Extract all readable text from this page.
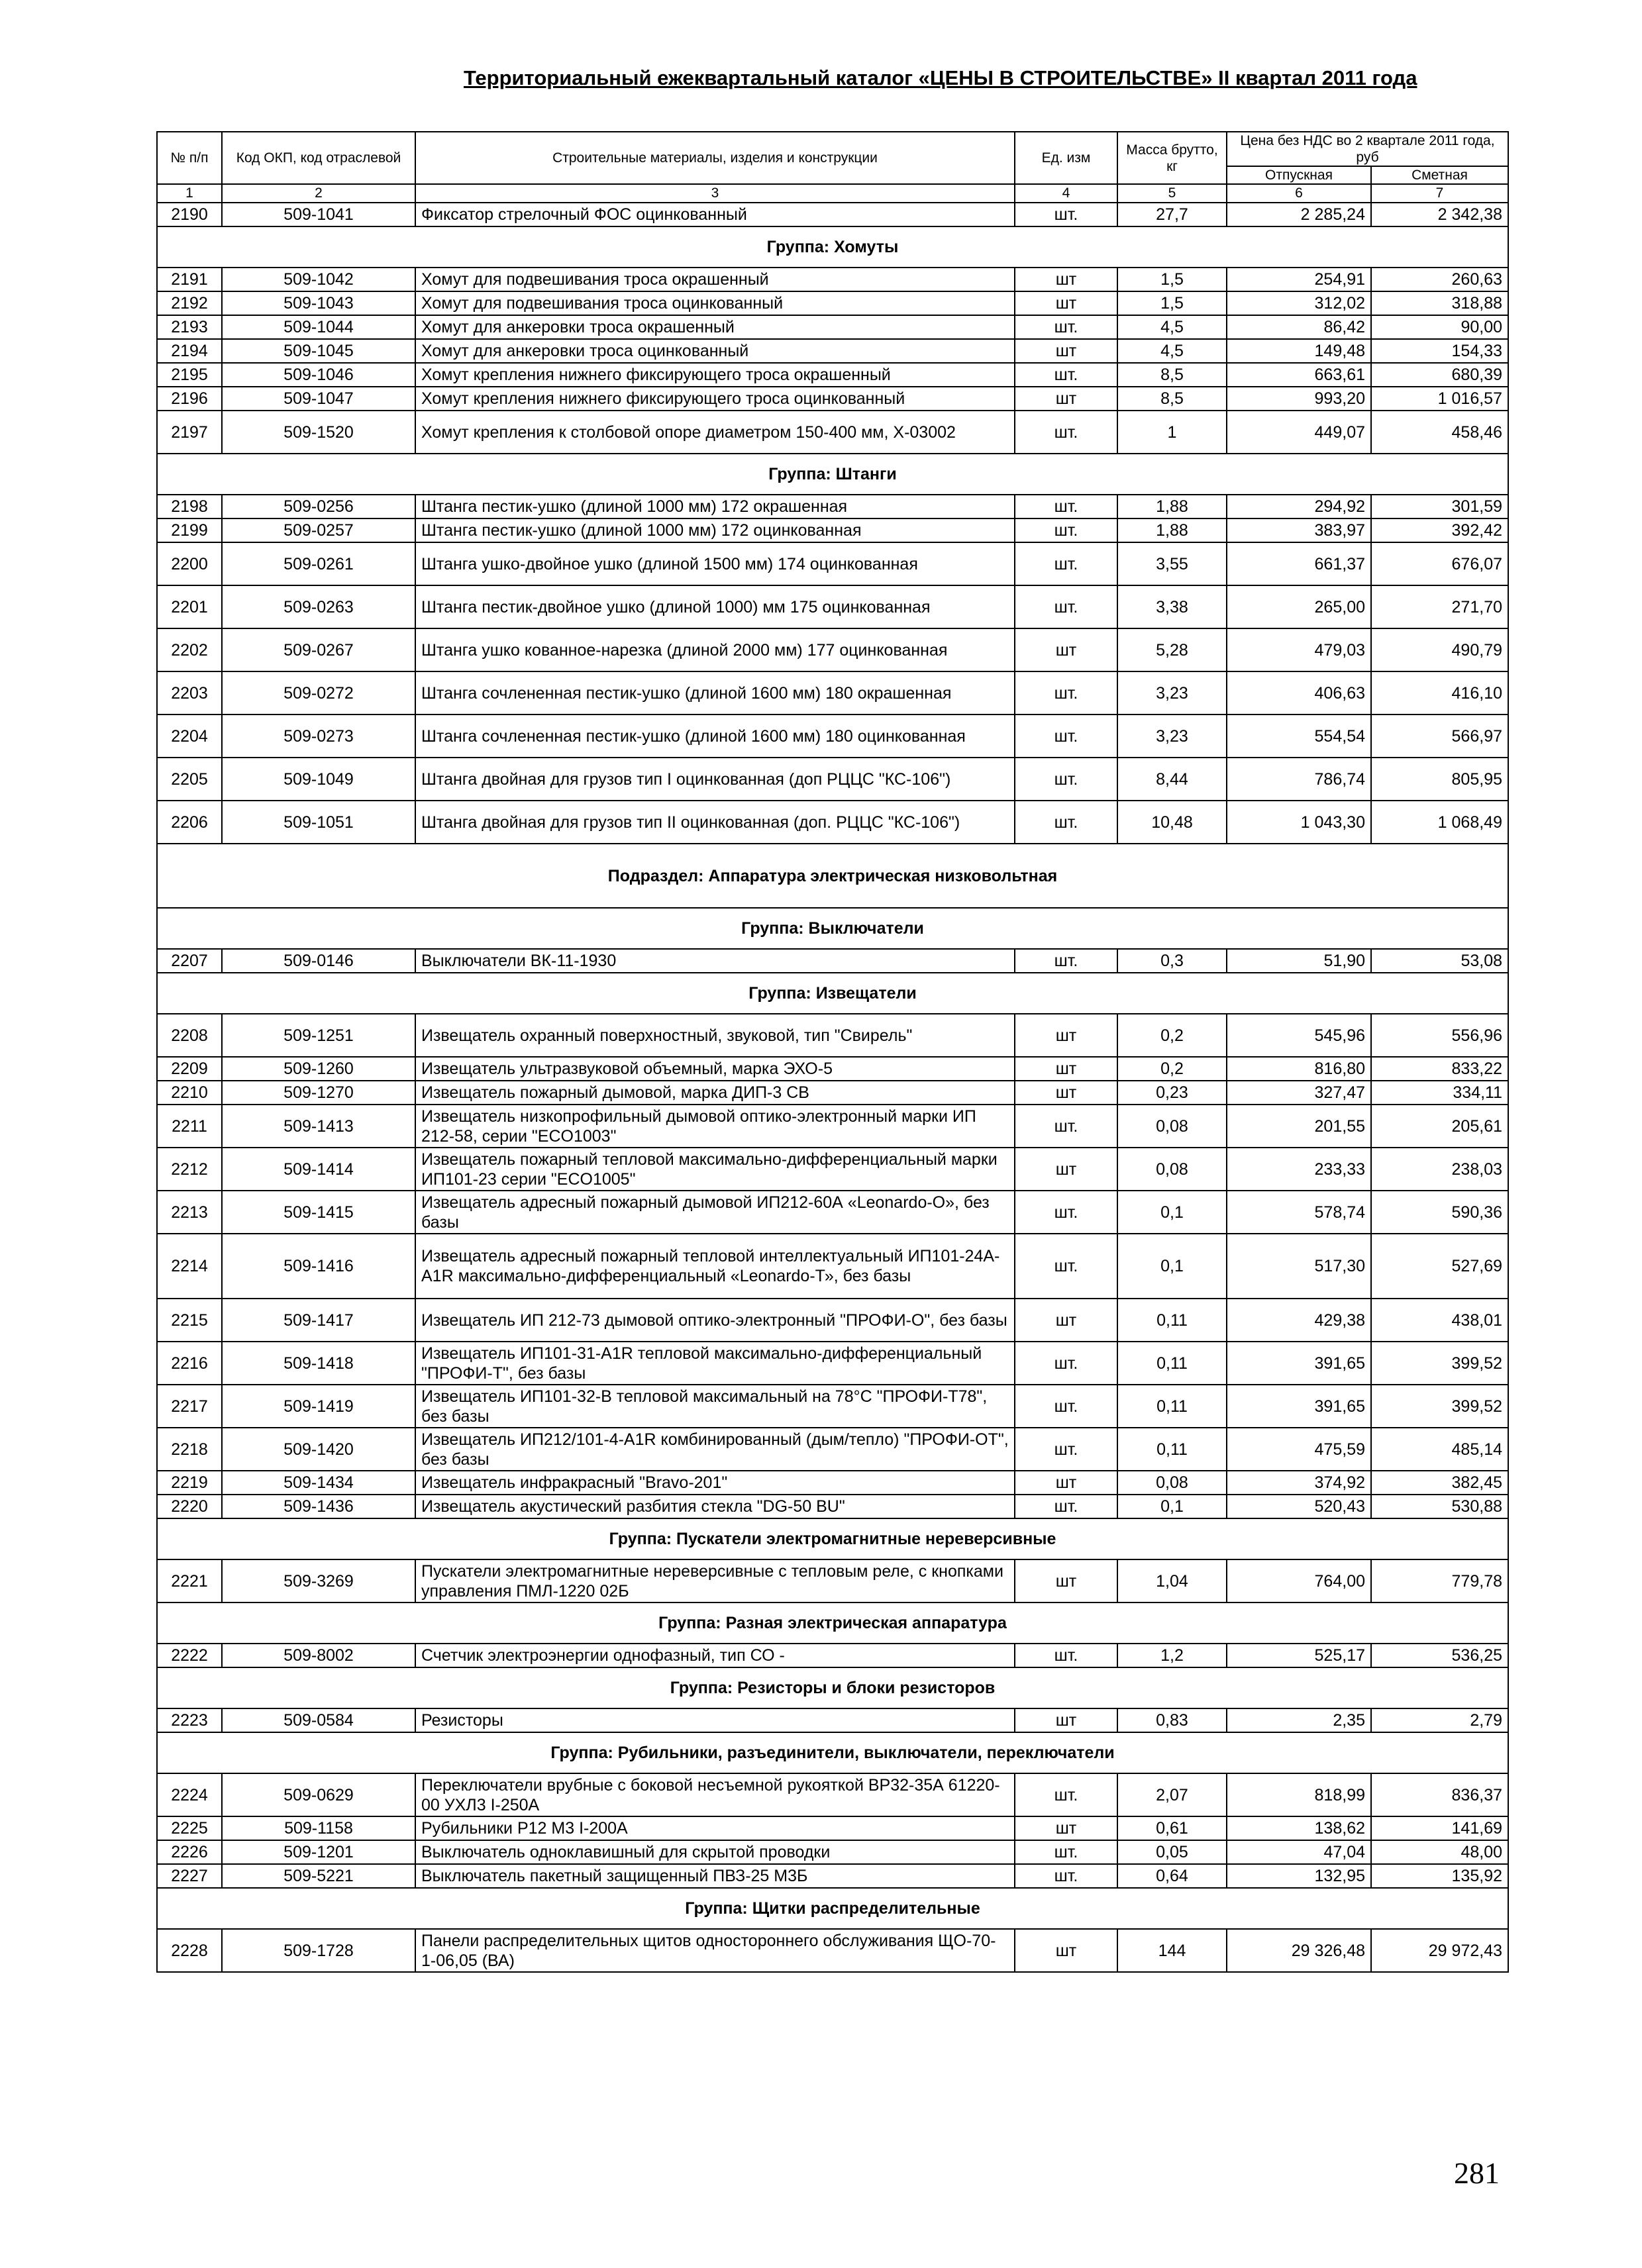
Территориальный ежеквартальный каталог «ЦЕНЫ В СТРОИТЕЛЬСТВЕ» II квартал 2011 года
№ п/п	Код ОКП, код отраслевой	Строительные материалы, изделия и конструкции	Ед. изм	Масса брутто, кг	Цена без НДС во 2 квартале 2011 года, руб	
					Отпускная	Сметная
1	2	3	4	5	6	7
2190	509-1041	Фиксатор стрелочный ФОС оцинкованный	шт.	27,7	2 285,24	2 342,38
Группа: Хомуты						
2191	509-1042	Хомут для подвешивания троса окрашенный	шт	1,5	254,91	260,63
2192	509-1043	Хомут для подвешивания троса оцинкованный	шт	1,5	312,02	318,88
2193	509-1044	Хомут для анкеровки троса окрашенный	шт.	4,5	86,42	90,00
2194	509-1045	Хомут для анкеровки троса оцинкованный	шт	4,5	149,48	154,33
2195	509-1046	Хомут крепления нижнего фиксирующего троса окрашенный	шт.	8,5	663,61	680,39
2196	509-1047	Хомут крепления нижнего фиксирующего троса оцинкованный	шт	8,5	993,20	1 016,57
2197	509-1520	Хомут крепления к столбовой опоре диаметром 150-400 мм, Х-03002	шт.	1	449,07	458,46
Группа: Штанги						
2198	509-0256	Штанга пестик-ушко (длиной 1000 мм) 172 окрашенная	шт.	1,88	294,92	301,59
2199	509-0257	Штанга пестик-ушко (длиной 1000 мм) 172 оцинкованная	шт.	1,88	383,97	392,42
2200	509-0261	Штанга ушко-двойное ушко (длиной 1500 мм) 174 оцинкованная	шт.	3,55	661,37	676,07
2201	509-0263	Штанга пестик-двойное ушко (длиной 1000) мм 175 оцинкованная	шт.	3,38	265,00	271,70
2202	509-0267	Штанга ушко кованное-нарезка (длиной 2000 мм) 177 оцинкованная	шт	5,28	479,03	490,79
2203	509-0272	Штанга сочлененная пестик-ушко (длиной 1600 мм) 180 окрашенная	шт.	3,23	406,63	416,10
2204	509-0273	Штанга сочлененная пестик-ушко (длиной 1600 мм) 180 оцинкованная	шт.	3,23	554,54	566,97
2205	509-1049	Штанга двойная для грузов тип I оцинкованная (доп РЦЦС "КС-106")	шт.	8,44	786,74	805,95
2206	509-1051	Штанга двойная для грузов тип II оцинкованная (доп. РЦЦС "КС-106")	шт.	10,48	1 043,30	1 068,49
Подраздел: Аппаратура электрическая низковольтная						
Группа: Выключатели						
2207	509-0146	Выключатели ВК-11-1930	шт.	0,3	51,90	53,08
Группа: Извещатели						
2208	509-1251	Извещатель охранный поверхностный, звуковой, тип "Свирель"	шт	0,2	545,96	556,96
2209	509-1260	Извещатель ультразвуковой объемный, марка ЭХО-5	шт	0,2	816,80	833,22
2210	509-1270	Извещатель пожарный дымовой, марка ДИП-3 СВ	шт	0,23	327,47	334,11
2211	509-1413	Извещатель низкопрофильный дымовой оптико-электронный марки ИП 212-58, серии "ECO1003"	шт.	0,08	201,55	205,61
2212	509-1414	Извещатель пожарный тепловой максимально-дифференциальный марки ИП101-23 серии "ECO1005"	шт	0,08	233,33	238,03
2213	509-1415	Извещатель адресный пожарный дымовой ИП212-60А «Leonardo-О», без базы	шт.	0,1	578,74	590,36
2214	509-1416	Извещатель адресный пожарный тепловой интеллектуальный ИП101-24А-А1R максимально-дифференциальный «Leonardo-Т», без базы	шт.	0,1	517,30	527,69
2215	509-1417	Извещатель ИП 212-73 дымовой оптико-электронный "ПРОФИ-О", без базы	шт	0,11	429,38	438,01
2216	509-1418	Извещатель ИП101-31-А1R тепловой максимально-дифференциальный "ПРОФИ-Т", без базы	шт.	0,11	391,65	399,52
2217	509-1419	Извещатель ИП101-32-В тепловой максимальный на 78°С "ПРОФИ-Т78", без базы	шт.	0,11	391,65	399,52
2218	509-1420	Извещатель ИП212/101-4-А1R комбинированный (дым/тепло) "ПРОФИ-ОТ", без базы	шт.	0,11	475,59	485,14
2219	509-1434	Извещатель инфракрасный "Bravo-201"	шт	0,08	374,92	382,45
2220	509-1436	Извещатель акустический разбития стекла "DG-50 BU"	шт.	0,1	520,43	530,88
Группа: Пускатели электромагнитные нереверсивные						
2221	509-3269	Пускатели электромагнитные нереверсивные с тепловым реле, с кнопками управления ПМЛ-1220 02Б	шт	1,04	764,00	779,78
Группа: Разная электрическая аппаратура						
2222	509-8002	Счетчик электроэнергии однофазный, тип СО -	шт.	1,2	525,17	536,25
Группа: Резисторы и блоки резисторов						
2223	509-0584	Резисторы	шт	0,83	2,35	2,79
Группа: Рубильники, разъединители, выключатели, переключатели						
2224	509-0629	Переключатели врубные с боковой несъемной рукояткой ВР32-35А 61220-00 УХЛ3 I-250А	шт.	2,07	818,99	836,37
2225	509-1158	Рубильники Р12 М3 I-200А	шт	0,61	138,62	141,69
2226	509-1201	Выключатель одноклавишный для скрытой проводки	шт.	0,05	47,04	48,00
2227	509-5221	Выключатель пакетный защищенный ПВЗ-25 М3Б	шт.	0,64	132,95	135,92
Группа: Щитки распределительные						
2228	509-1728	Панели распределительных щитов одностороннего обслуживания ЩО-70-1-06,05 (ВА)	шт	144	29 326,48	29 972,43
281
